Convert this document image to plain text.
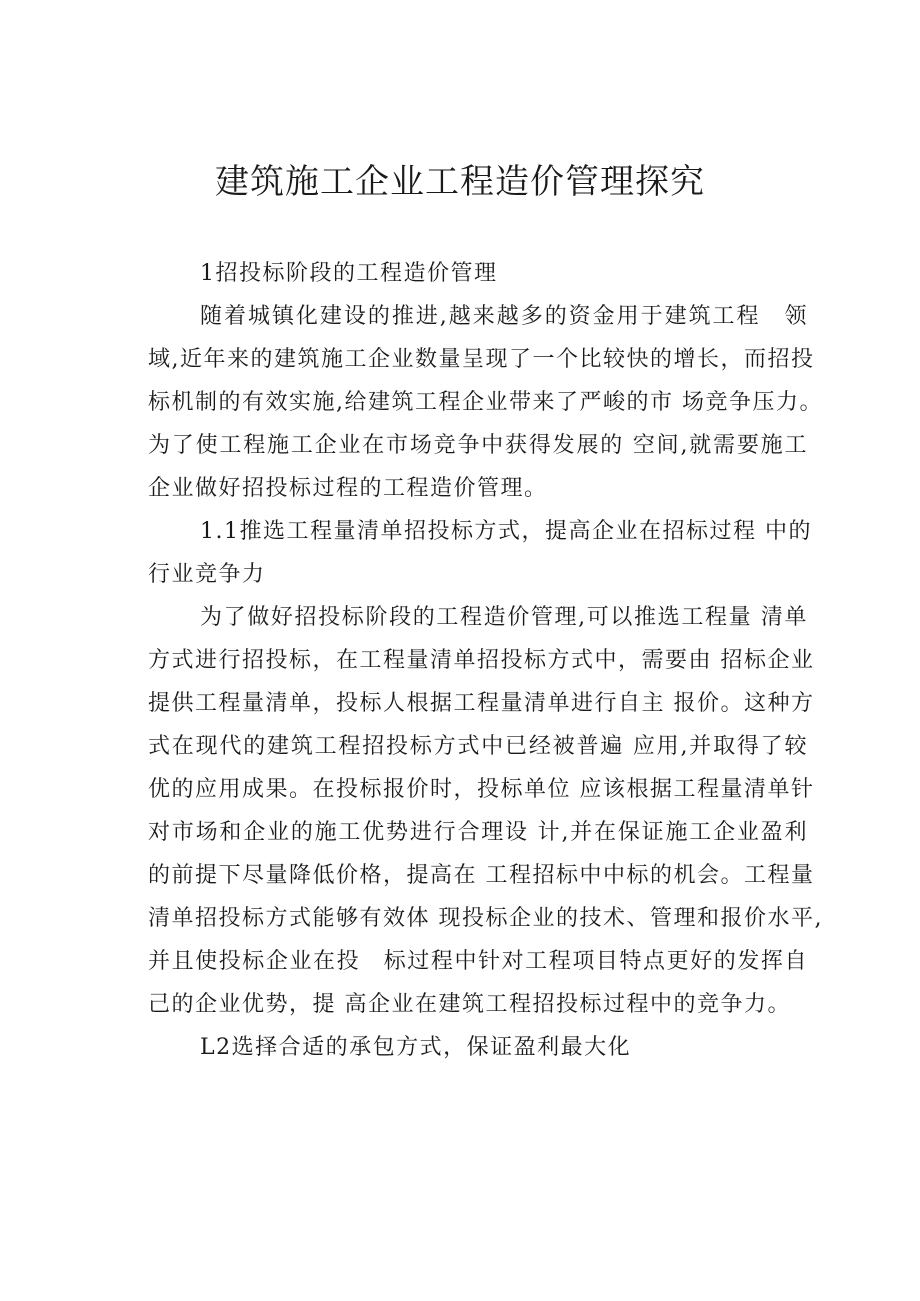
建筑施工企业工程造价管理探究
1招投标阶段的工程造价管理
随着城镇化建设的推进,越来越多的资金用于建筑工程　领
域,近年来的建筑施工企业数量呈现了一个比较快的增长，而招投
标机制的有效实施,给建筑工程企业带来了严峻的市 场竞争压力。
为了使工程施工企业在市场竞争中获得发展的 空间,就需要施工
企业做好招投标过程的工程造价管理。
1.1推选工程量清单招投标方式，提高企业在招标过程 中的
行业竞争力
为了做好招投标阶段的工程造价管理,可以推选工程量 清单
方式进行招投标，在工程量清单招投标方式中，需要由 招标企业
提供工程量清单，投标人根据工程量清单进行自主 报价。这种方
式在现代的建筑工程招投标方式中已经被普遍 应用,并取得了较
优的应用成果。在投标报价时，投标单位 应该根据工程量清单针
对市场和企业的施工优势进行合理设 计,并在保证施工企业盈利
的前提下尽量降低价格，提高在 工程招标中中标的机会。工程量
清单招投标方式能够有效体 现投标企业的技术、管理和报价水平,
并且使投标企业在投　标过程中针对工程项目特点更好的发挥自
己的企业优势，提 高企业在建筑工程招投标过程中的竞争力。
L2选择合适的承包方式，保证盈利最大化
